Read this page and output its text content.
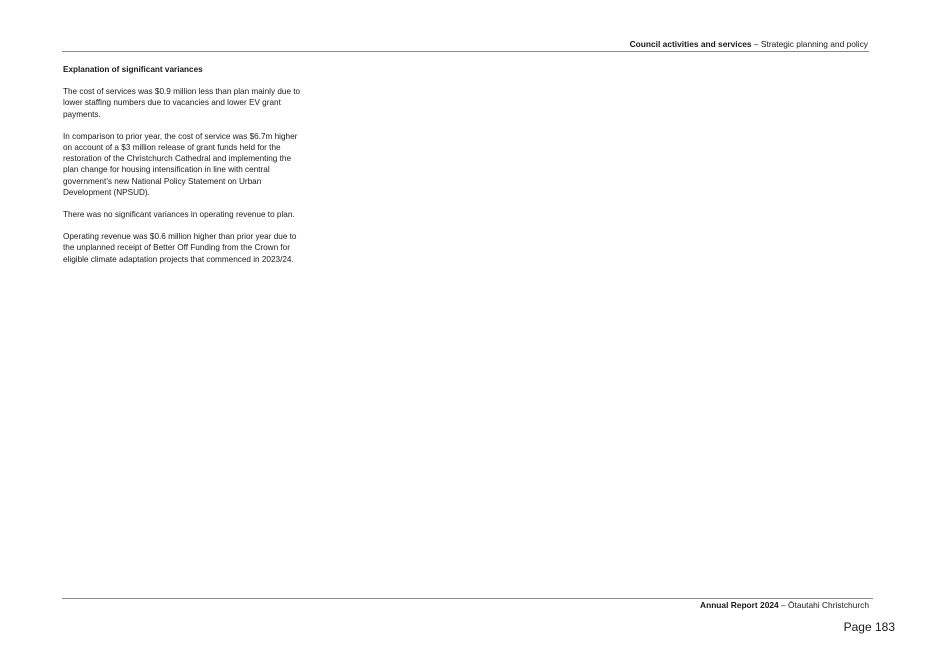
Council activities and services – Strategic planning and policy
Explanation of significant variances

The cost of services was $0.9 million less than plan mainly due to lower staffing numbers due to vacancies and lower EV grant payments.

In comparison to prior year, the cost of service was $6.7m higher on account of a $3 million release of grant funds held for the restoration of the Christchurch Cathedral and implementing the plan change for housing intensification in line with central government’s new National Policy Statement on Urban Development (NPSUD).

There was no significant variances in operating revenue to plan.

Operating revenue was $0.6 million higher than prior year due to the unplanned receipt of Better Off Funding from the Crown for eligible climate adaptation projects that commenced in 2023/24.

Annual Report 2024 – Ōtautahi Christchurch
Page 183
